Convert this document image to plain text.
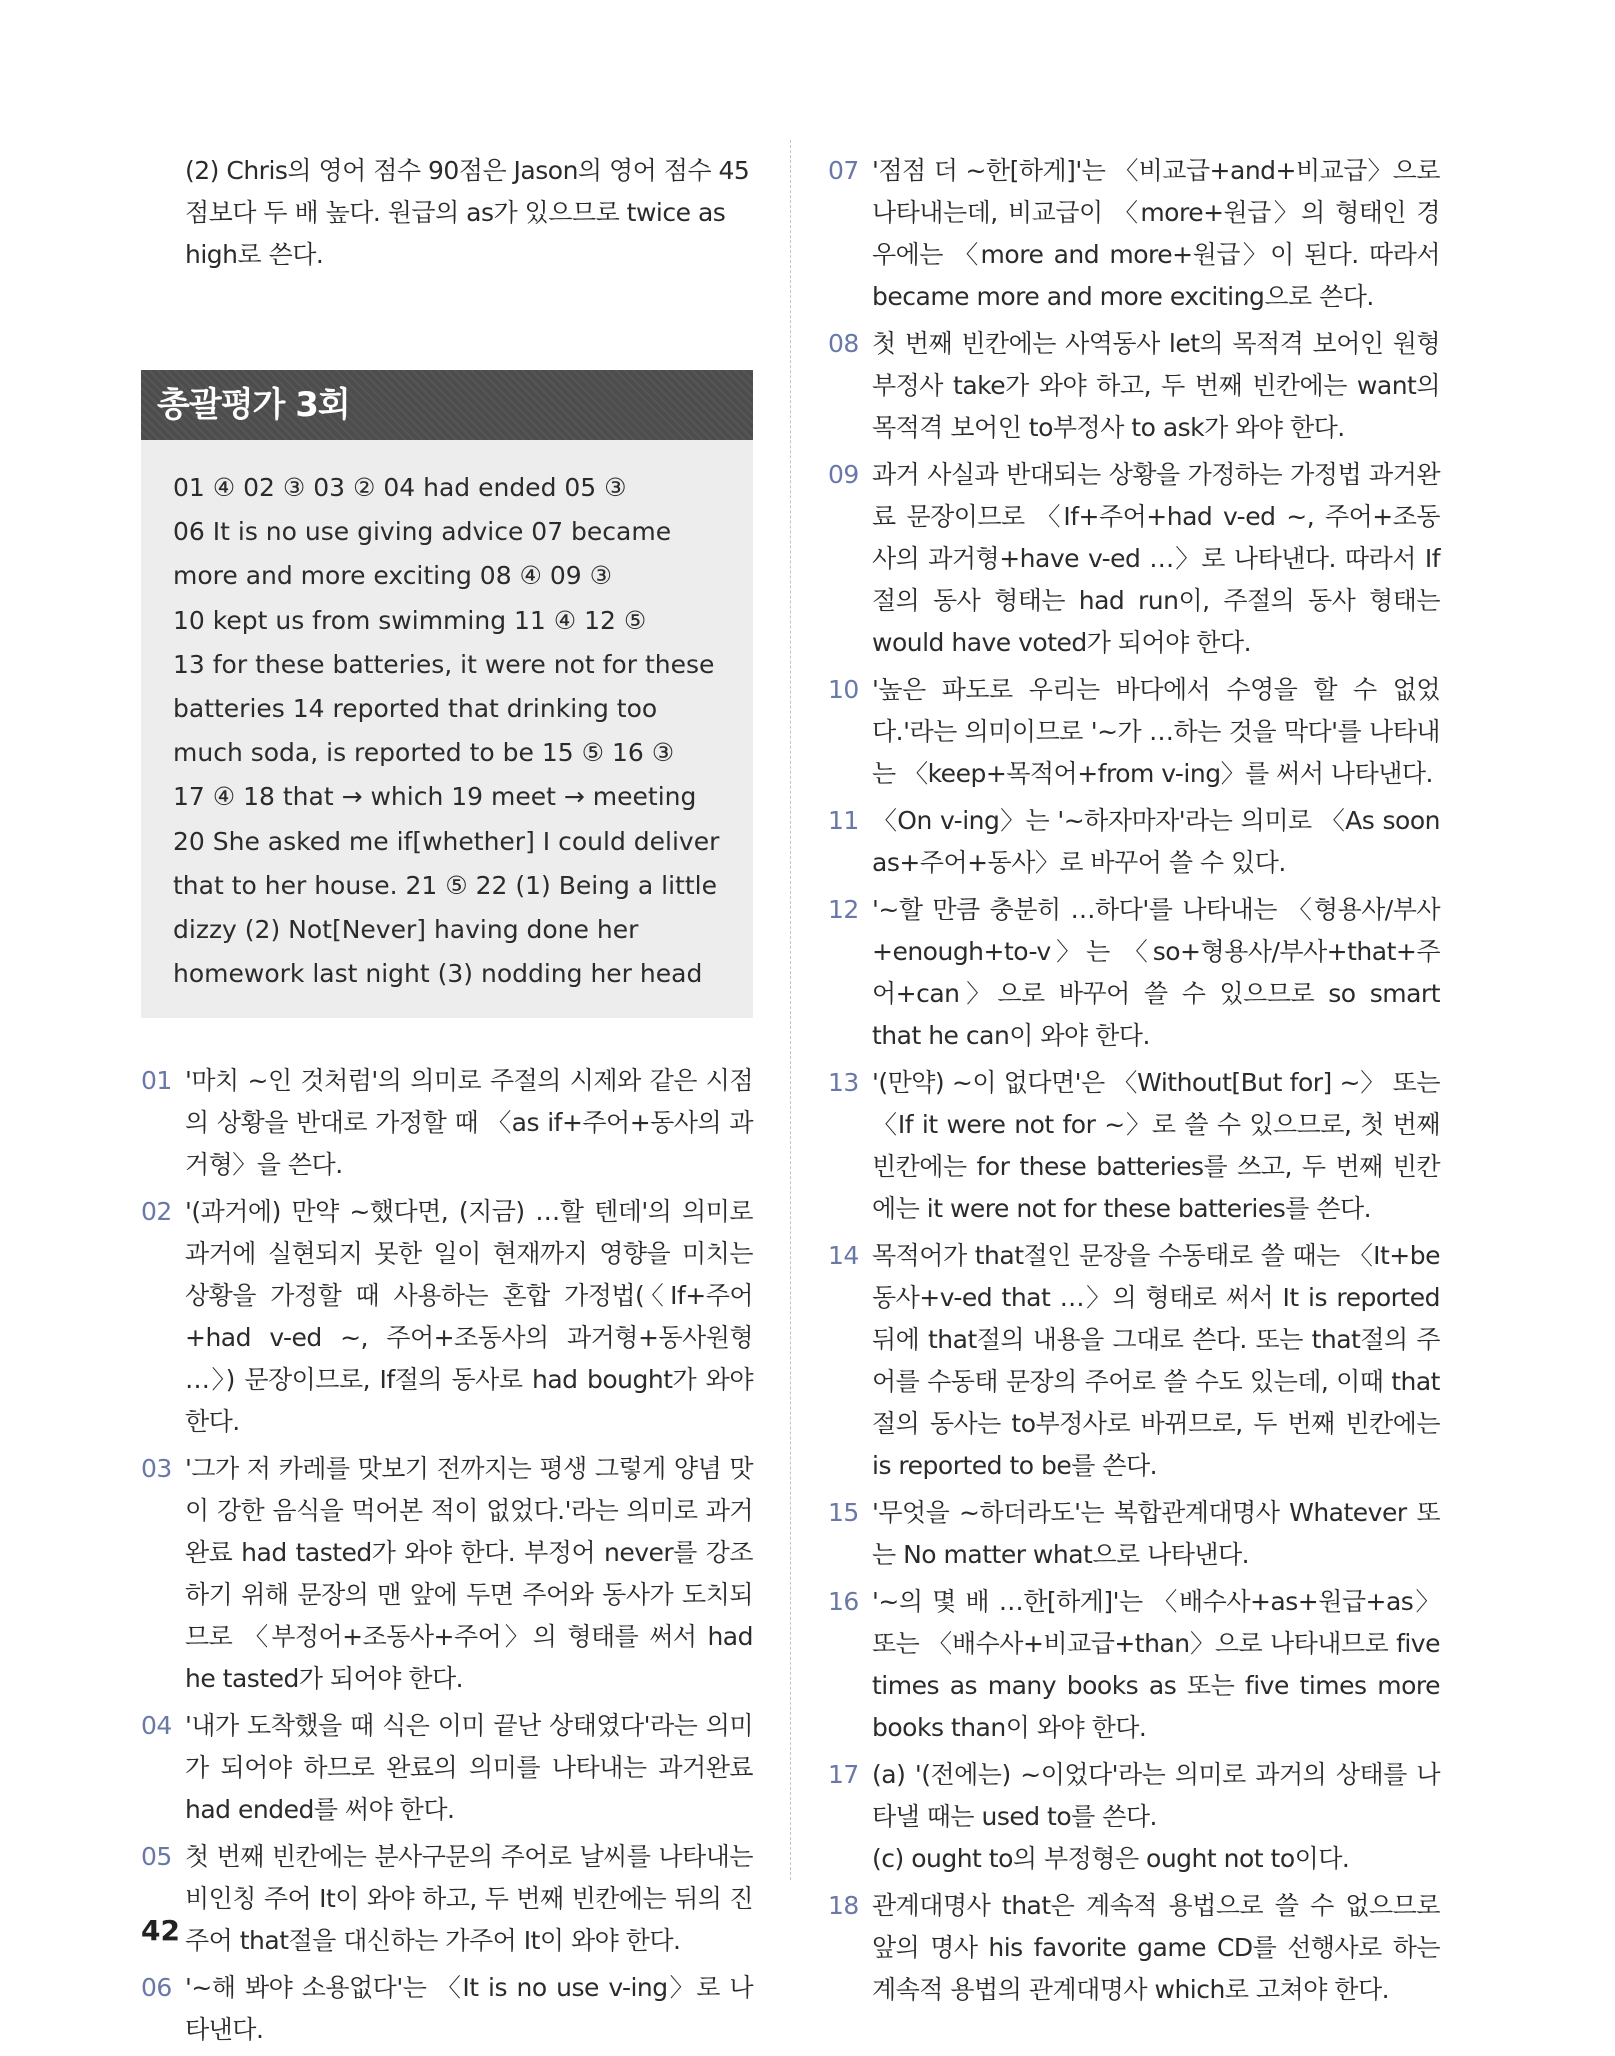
(2) Chris의 영어 점수 90점은 Jason의 영어 점수 45점보다 두 배 높다. 원급의 as가 있으므로 twice as high로 쓴다.

총괄평가 3회

01 ④ 02 ③ 03 ② 04 had ended 05 ③
06 It is no use giving advice 07 became
more and more exciting 08 ④ 09 ③
10 kept us from swimming 11 ④ 12 ⑤
13 for these batteries, it were not for these
batteries 14 reported that drinking too
much soda, is reported to be 15 ⑤ 16 ③
17 ④ 18 that → which 19 meet → meeting
20 She asked me if[whether] I could deliver
that to her house. 21 ⑤ 22 (1) Being a little
dizzy (2) Not[Never] having done her
homework last night (3) nodding her head

01 '마치 ~인 것처럼'의 의미로 주절의 시제와 같은 시점의 상황을 반대로 가정할 때 〈as if+주어+동사의 과거형〉을 쓴다.

02 '(과거에) 만약 ~했다면, (지금) …할 텐데'의 의미로 과거에 실현되지 못한 일이 현재까지 영향을 미치는 상황을 가정할 때 사용하는 혼합 가정법(〈If+주어+had v-ed ~, 주어+조동사의 과거형+동사원형 …〉) 문장이므로, If절의 동사로 had bought가 와야 한다.

03 '그가 저 카레를 맛보기 전까지는 평생 그렇게 양념 맛이 강한 음식을 먹어본 적이 없었다.'라는 의미로 과거완료 had tasted가 와야 한다. 부정어 never를 강조하기 위해 문장의 맨 앞에 두면 주어와 동사가 도치되므로 〈부정어+조동사+주어〉의 형태를 써서 had he tasted가 되어야 한다.

04 '내가 도착했을 때 식은 이미 끝난 상태였다'라는 의미가 되어야 하므로 완료의 의미를 나타내는 과거완료 had ended를 써야 한다.

05 첫 번째 빈칸에는 분사구문의 주어로 날씨를 나타내는 비인칭 주어 It이 와야 하고, 두 번째 빈칸에는 뒤의 진주어 that절을 대신하는 가주어 It이 와야 한다.

06 '~해 봐야 소용없다'는 〈It is no use v-ing〉로 나타낸다.

07 '점점 더 ~한[하게]'는 〈비교급+and+비교급〉으로 나타내는데, 비교급이 〈more+원급〉의 형태인 경우에는 〈more and more+원급〉이 된다. 따라서 became more and more exciting으로 쓴다.

08 첫 번째 빈칸에는 사역동사 let의 목적격 보어인 원형부정사 take가 와야 하고, 두 번째 빈칸에는 want의 목적격 보어인 to부정사 to ask가 와야 한다.

09 과거 사실과 반대되는 상황을 가정하는 가정법 과거완료 문장이므로 〈If+주어+had v-ed ~, 주어+조동사의 과거형+have v-ed …〉로 나타낸다. 따라서 If절의 동사 형태는 had run이, 주절의 동사 형태는 would have voted가 되어야 한다.

10 '높은 파도로 우리는 바다에서 수영을 할 수 없었다.'라는 의미이므로 '~가 …하는 것을 막다'를 나타내는 〈keep+목적어+from v-ing〉를 써서 나타낸다.

11 〈On v-ing〉는 '~하자마자'라는 의미로 〈As soon as+주어+동사〉로 바꾸어 쓸 수 있다.

12 '~할 만큼 충분히 …하다'를 나타내는 〈형용사/부사+enough+to-v〉는 〈so+형용사/부사+that+주어+can〉으로 바꾸어 쓸 수 있으므로 so smart that he can이 와야 한다.

13 '(만약) ~이 없다면'은 〈Without[But for] ~〉 또는 〈If it were not for ~〉로 쓸 수 있으므로, 첫 번째 빈칸에는 for these batteries를 쓰고, 두 번째 빈칸에는 it were not for these batteries를 쓴다.

14 목적어가 that절인 문장을 수동태로 쓸 때는 〈It+be동사+v-ed that …〉의 형태로 써서 It is reported 뒤에 that절의 내용을 그대로 쓴다. 또는 that절의 주어를 수동태 문장의 주어로 쓸 수도 있는데, 이때 that절의 동사는 to부정사로 바뀌므로, 두 번째 빈칸에는 is reported to be를 쓴다.

15 '무엇을 ~하더라도'는 복합관계대명사 Whatever 또는 No matter what으로 나타낸다.

16 '~의 몇 배 …한[하게]'는 〈배수사+as+원급+as〉 또는 〈배수사+비교급+than〉으로 나타내므로 five times as many books as 또는 five times more books than이 와야 한다.

17 (a) '(전에는) ~이었다'라는 의미로 과거의 상태를 나타낼 때는 used to를 쓴다.
(c) ought to의 부정형은 ought not to이다.

18 관계대명사 that은 계속적 용법으로 쓸 수 없으므로 앞의 명사 his favorite game CD를 선행사로 하는 계속적 용법의 관계대명사 which로 고쳐야 한다.

42
